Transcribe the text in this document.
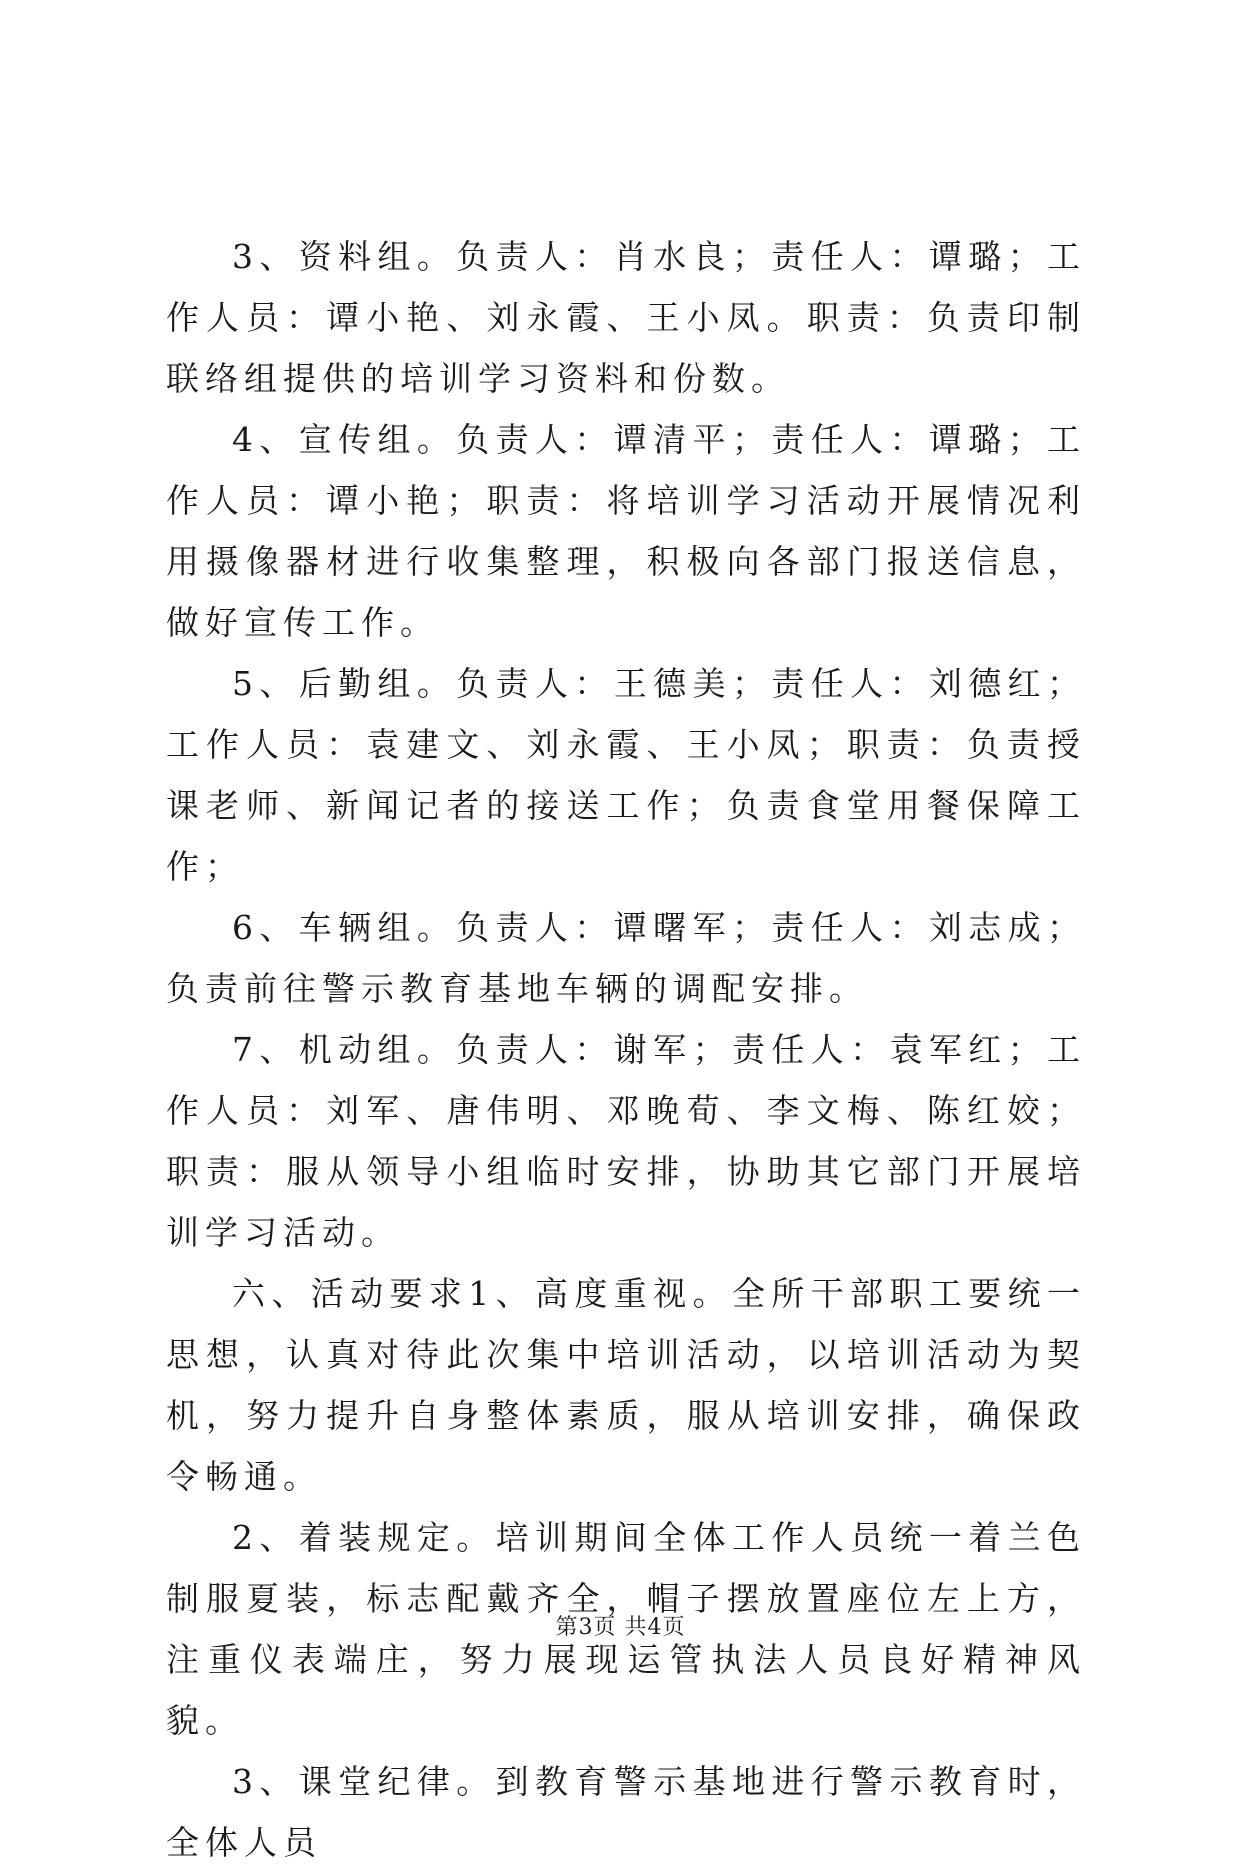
3、资料组。负责人：肖水良；责任人：谭璐；工作人员：谭小艳、刘永霞、王小凤。职责：负责印制联络组提供的培训学习资料和份数。

4、宣传组。负责人：谭清平；责任人：谭璐；工作人员：谭小艳；职责：将培训学习活动开展情况利用摄像器材进行收集整理，积极向各部门报送信息，做好宣传工作。

5、后勤组。负责人：王德美；责任人：刘德红；工作人员：袁建文、刘永霞、王小凤；职责：负责授课老师、新闻记者的接送工作；负责食堂用餐保障工作；

6、车辆组。负责人：谭曙军；责任人：刘志成；负责前往警示教育基地车辆的调配安排。

7、机动组。负责人：谢军；责任人：袁军红；工作人员：刘军、唐伟明、邓晚荀、李文梅、陈红姣；职责：服从领导小组临时安排，协助其它部门开展培训学习活动。

六、活动要求1、高度重视。全所干部职工要统一思想，认真对待此次集中培训活动，以培训活动为契机，努力提升自身整体素质，服从培训安排，确保政令畅通。

2、着装规定。培训期间全体工作人员统一着兰色制服夏装，标志配戴齐全，帽子摆放置座位左上方，注重仪表端庄，努力展现运管执法人员良好精神风貌。

3、课堂纪律。到教育警示基地进行警示教育时，全体人员

第3页 共4页
